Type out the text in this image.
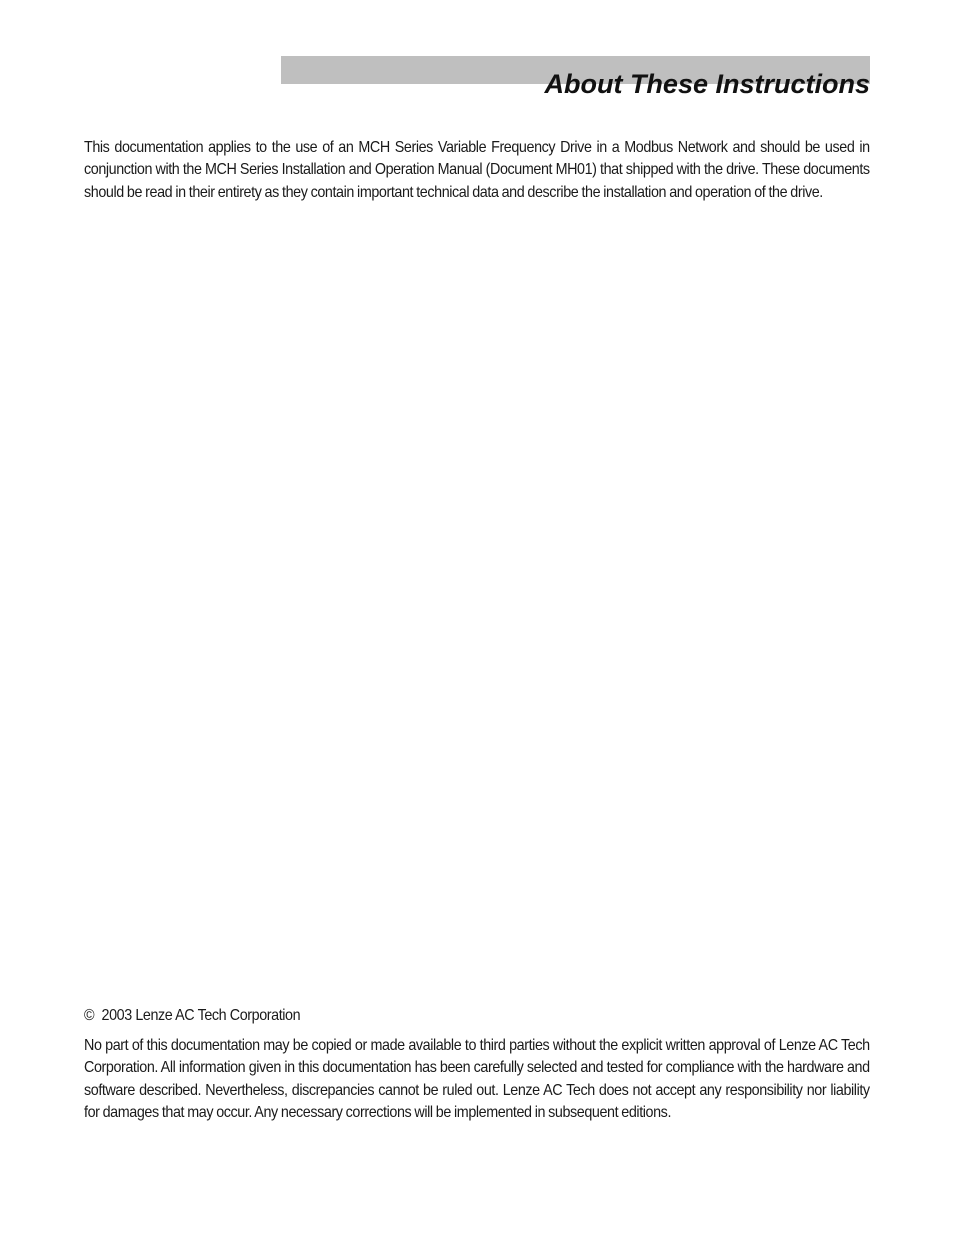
About These Instructions

This documentation applies to the use of an MCH Series Variable Frequency Drive in a Modbus Network and should be used in conjunction with the MCH Series Installation and Operation Manual (Document MH01) that shipped with the drive. These documents should be read in their entirety as they contain important technical data and describe the installation and operation of the drive.

© 2003 Lenze AC Tech Corporation

No part of this documentation may be copied or made available to third parties without the explicit written approval of Lenze AC Tech Corporation. All information given in this documentation has been carefully selected and tested for compliance with the hardware and software described. Nevertheless, discrepancies cannot be ruled out. Lenze AC Tech does not accept any responsibility nor liability for damages that may occur. Any necessary corrections will be implemented in subsequent editions.
